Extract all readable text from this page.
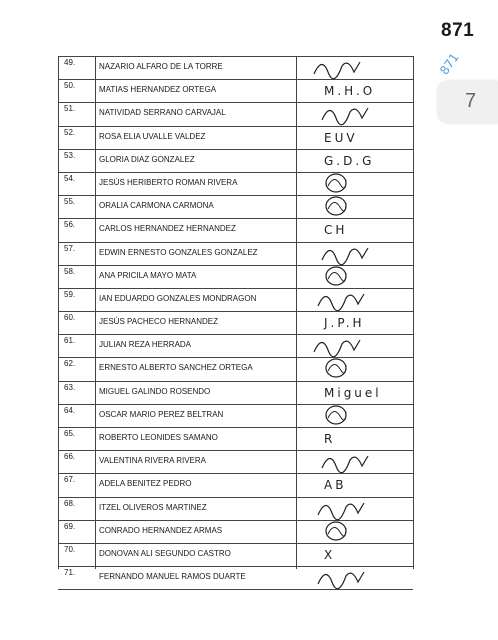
871
871
7
49.	NAZARIO ALFARO DE LA TORRE
50.	MATIAS HERNANDEZ ORTEGA	M.H.O
51.	NATIVIDAD SERRANO CARVAJAL
52.	ROSA ELIA UVALLE VALDEZ	EUV
53.	GLORIA DIAZ GONZALEZ	G.D.G
54.	JESÚS HERIBERTO ROMAN RIVERA
55.	ORALIA CARMONA CARMONA
56.	CARLOS HERNANDEZ HERNANDEZ	CH
57.	EDWIN ERNESTO GONZALES GONZALEZ
58.	ANA PRICILA MAYO MATA
59.	IAN EDUARDO GONZALES MONDRAGON
60.	JESÚS PACHECO HERNANDEZ	J.P.H
61.	JULIAN REZA HERRADA
62.	ERNESTO ALBERTO SANCHEZ ORTEGA
63.	MIGUEL GALINDO ROSENDO	Miguel
64.	OSCAR MARIO PEREZ BELTRAN
65.	ROBERTO LEONIDES SAMANO	R
66.	VALENTINA RIVERA RIVERA
67.	ADELA BENITEZ PEDRO	AB
68.	ITZEL OLIVEROS MARTINEZ
69.	CONRADO HERNANDEZ ARMAS
70.	DONOVAN ALI SEGUNDO CASTRO	X
71.	FERNANDO MANUEL RAMOS DUARTE
